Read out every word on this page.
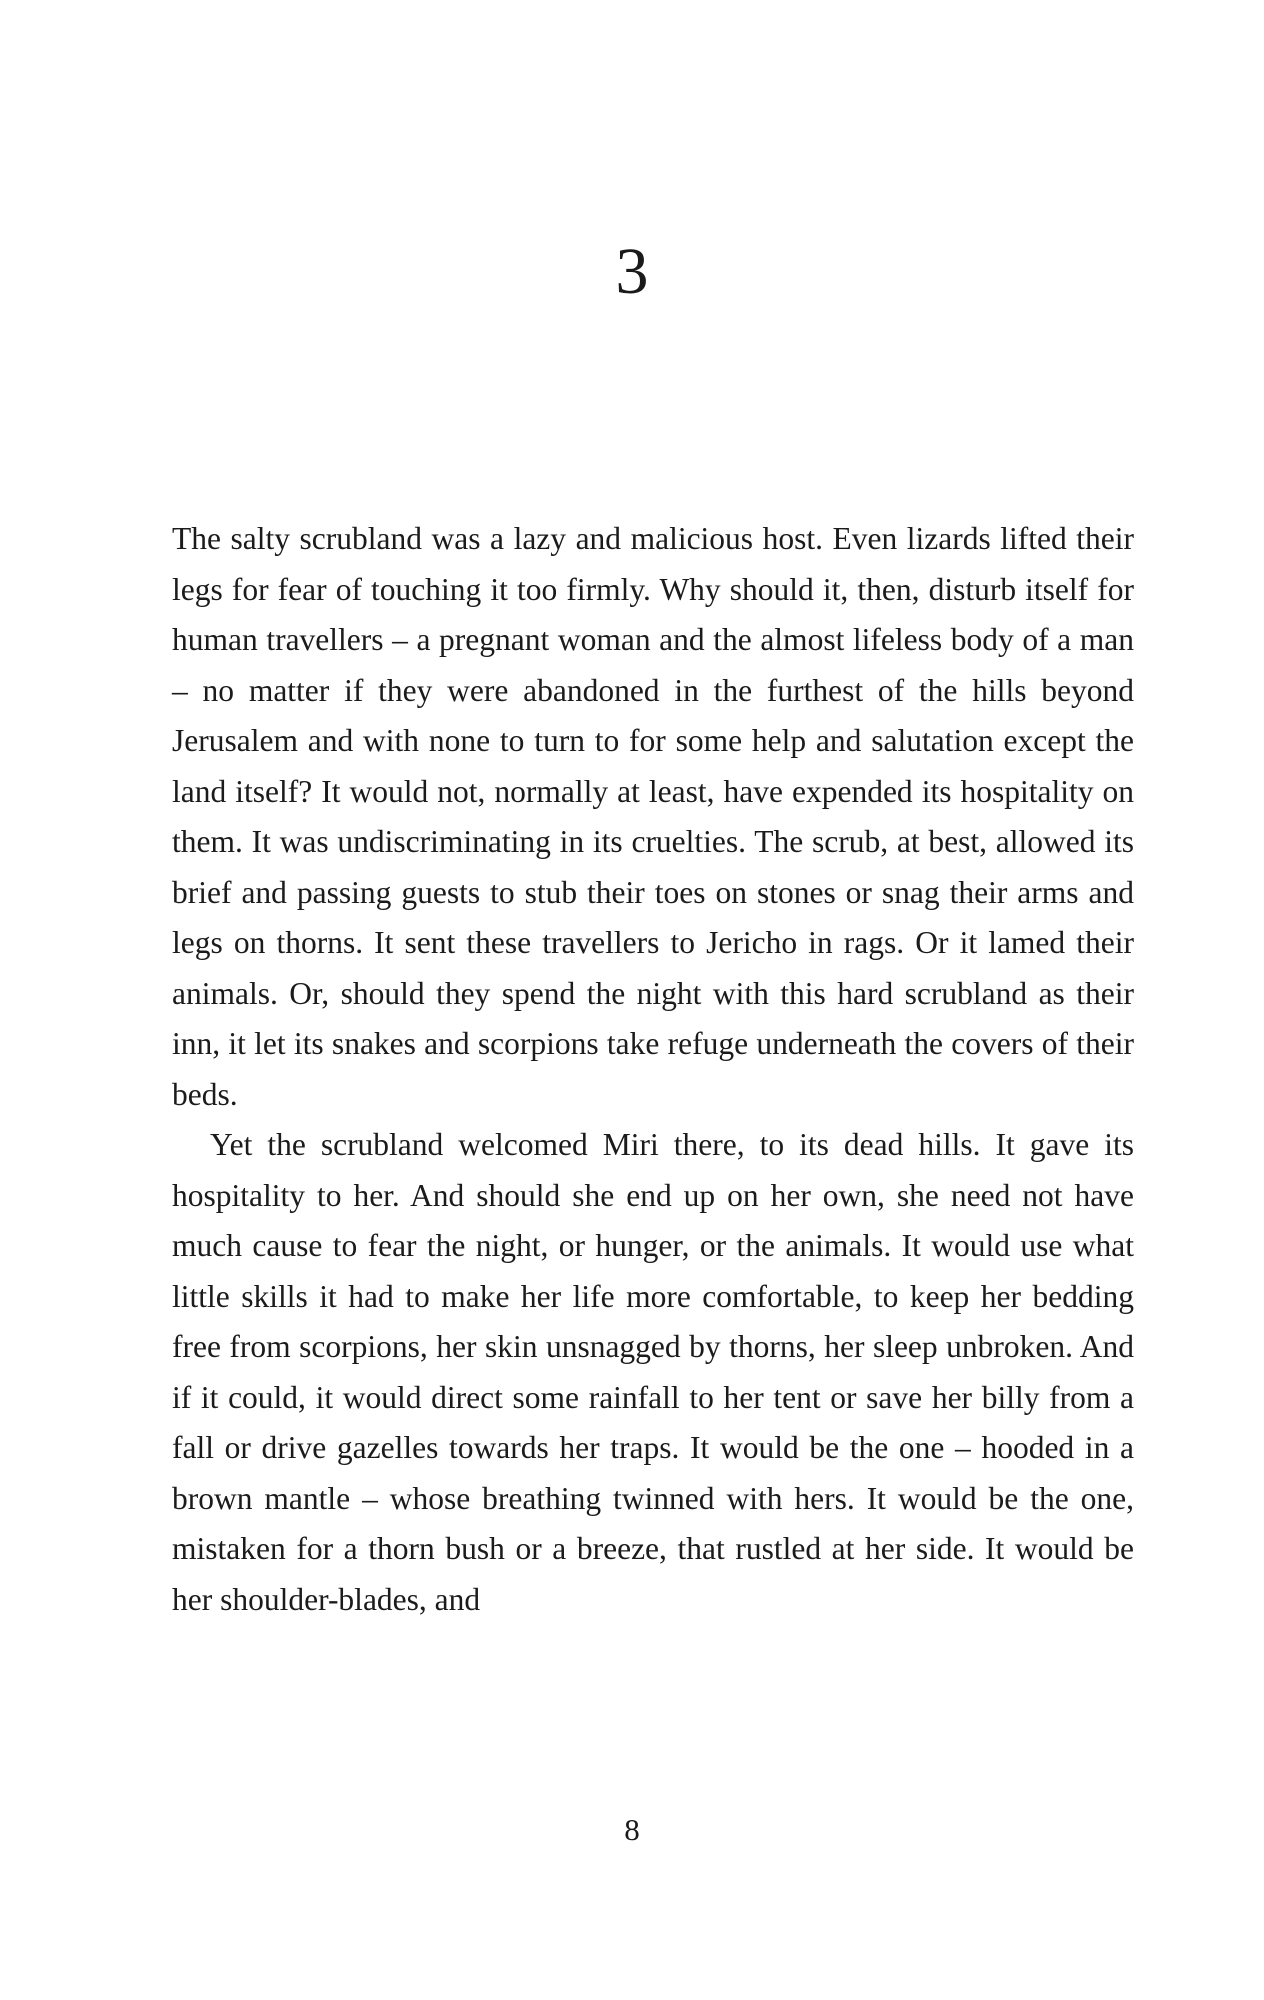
3

The salty scrubland was a lazy and malicious host. Even lizards lifted their legs for fear of touching it too firmly. Why should it, then, disturb itself for human travellers – a pregnant woman and the almost lifeless body of a man – no matter if they were abandoned in the furthest of the hills beyond Jerusalem and with none to turn to for some help and salutation except the land itself? It would not, normally at least, have expended its hospitality on them. It was undiscriminating in its cruelties. The scrub, at best, allowed its brief and passing guests to stub their toes on stones or snag their arms and legs on thorns. It sent these travellers to Jericho in rags. Or it lamed their animals. Or, should they spend the night with this hard scrubland as their inn, it let its snakes and scorpions take refuge underneath the covers of their beds.

Yet the scrubland welcomed Miri there, to its dead hills. It gave its hospitality to her. And should she end up on her own, she need not have much cause to fear the night, or hunger, or the animals. It would use what little skills it had to make her life more comfortable, to keep her bedding free from scorpions, her skin unsnagged by thorns, her sleep unbroken. And if it could, it would direct some rainfall to her tent or save her billy from a fall or drive gazelles towards her traps. It would be the one – hooded in a brown mantle – whose breathing twinned with hers. It would be the one, mistaken for a thorn bush or a breeze, that rustled at her side. It would be her shoulder-blades, and

8
